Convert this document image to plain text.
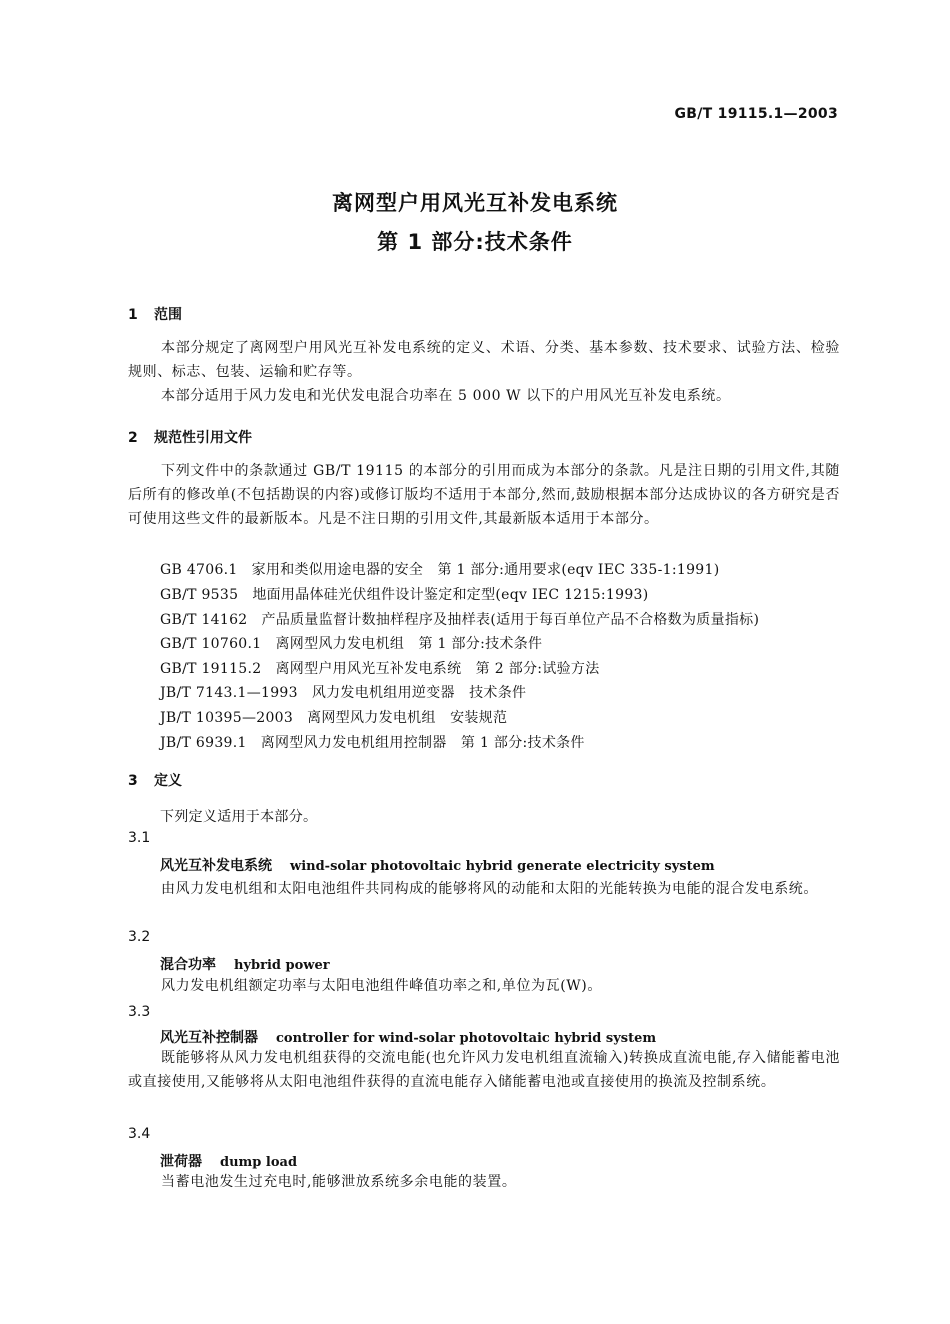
GB/T 19115.1—2003
离网型户用风光互补发电系统
第 1 部分:技术条件
1 范围

本部分规定了离网型户用风光互补发电系统的定义、术语、分类、基本参数、技术要求、试验方法、检验规则、标志、包装、运输和贮存等。

本部分适用于风力发电和光伏发电混合功率在 5 000 W 以下的户用风光互补发电系统。

2 规范性引用文件

下列文件中的条款通过 GB/T 19115 的本部分的引用而成为本部分的条款。凡是注日期的引用文件,其随后所有的修改单(不包括勘误的内容)或修订版均不适用于本部分,然而,鼓励根据本部分达成协议的各方研究是否可使用这些文件的最新版本。凡是不注日期的引用文件,其最新版本适用于本部分。

GB 4706.1 家用和类似用途电器的安全　第 1 部分:通用要求(eqv IEC 335-1:1991)
GB/T 9535 地面用晶体硅光伏组件设计鉴定和定型(eqv IEC 1215:1993)
GB/T 14162 产品质量监督计数抽样程序及抽样表(适用于每百单位产品不合格数为质量指标)
GB/T 10760.1 离网型风力发电机组　第 1 部分:技术条件
GB/T 19115.2 离网型户用风光互补发电系统　第 2 部分:试验方法
JB/T 7143.1—1993 风力发电机组用逆变器　技术条件
JB/T 10395—2003 离网型风力发电机组　安装规范
JB/T 6939.1 离网型风力发电机组用控制器　第 1 部分:技术条件
3 定义
下列定义适用于本部分。
3.1
风光互补发电系统 wind-solar photovoltaic hybrid generate electricity system

由风力发电机组和太阳电池组件共同构成的能够将风的动能和太阳的光能转换为电能的混合发电系统。

3.2
混合功率 hybrid power

风力发电机组额定功率与太阳电池组件峰值功率之和,单位为瓦(W)。

3.3
风光互补控制器 controller for wind-solar photovoltaic hybrid system

既能够将从风力发电机组获得的交流电能(也允许风力发电机组直流输入)转换成直流电能,存入储能蓄电池或直接使用,又能够将从太阳电池组件获得的直流电能存入储能蓄电池或直接使用的换流及控制系统。

3.4
泄荷器 dump load

当蓄电池发生过充电时,能够泄放系统多余电能的装置。
